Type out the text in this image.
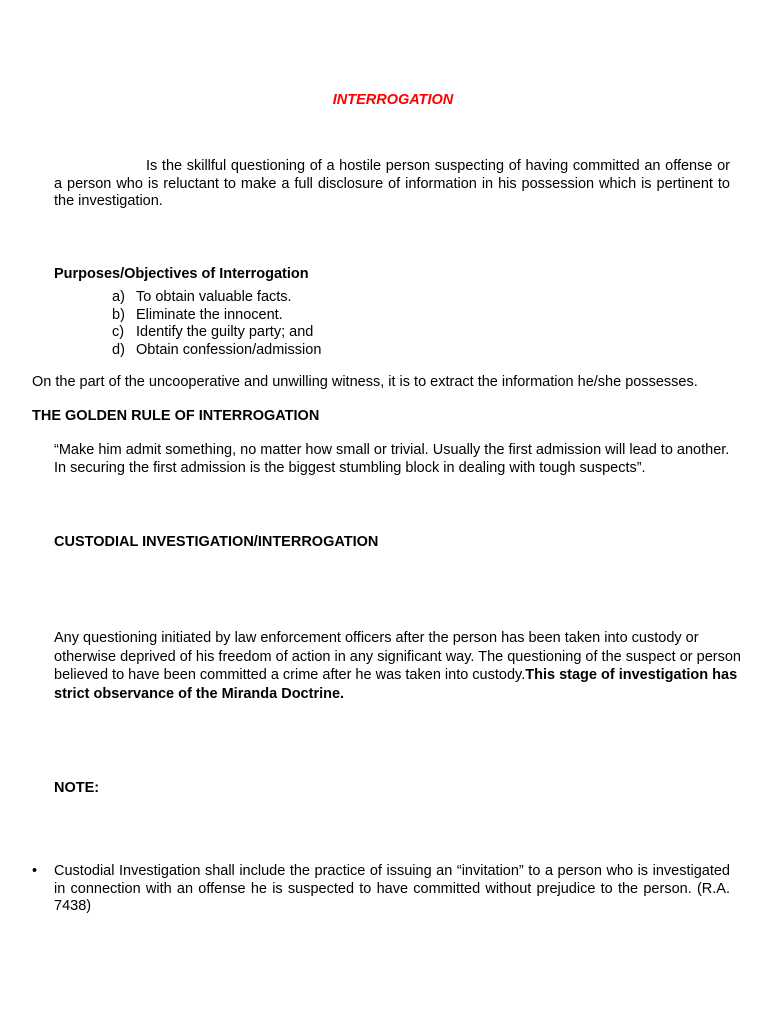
INTERROGATION
Is the skillful questioning of a hostile person suspecting of having committed an offense or a person who is reluctant to make a full disclosure of information in his possession which is pertinent to the investigation.
Purposes/Objectives of Interrogation
a) To obtain valuable facts.
b) Eliminate the innocent.
c) Identify the guilty party; and
d) Obtain confession/admission
On the part of the uncooperative and unwilling witness, it is to extract the information he/she possesses.
THE GOLDEN RULE OF INTERROGATION
“Make him admit something, no matter how small or trivial. Usually the first admission will lead to another. In securing the first admission is the biggest stumbling block in dealing with tough suspects”.
CUSTODIAL INVESTIGATION/INTERROGATION
Any questioning initiated by law enforcement officers after the person has been taken into custody or otherwise deprived of his freedom of action in any significant way. The questioning of the suspect or person believed to have been committed a crime after he was taken into custody.This stage of investigation has strict observance of the Miranda Doctrine.
NOTE:
•	Custodial Investigation shall include the practice of issuing an “invitation” to a person who is investigated in connection with an offense he is suspected to have committed without prejudice to the person. (R.A. 7438)
